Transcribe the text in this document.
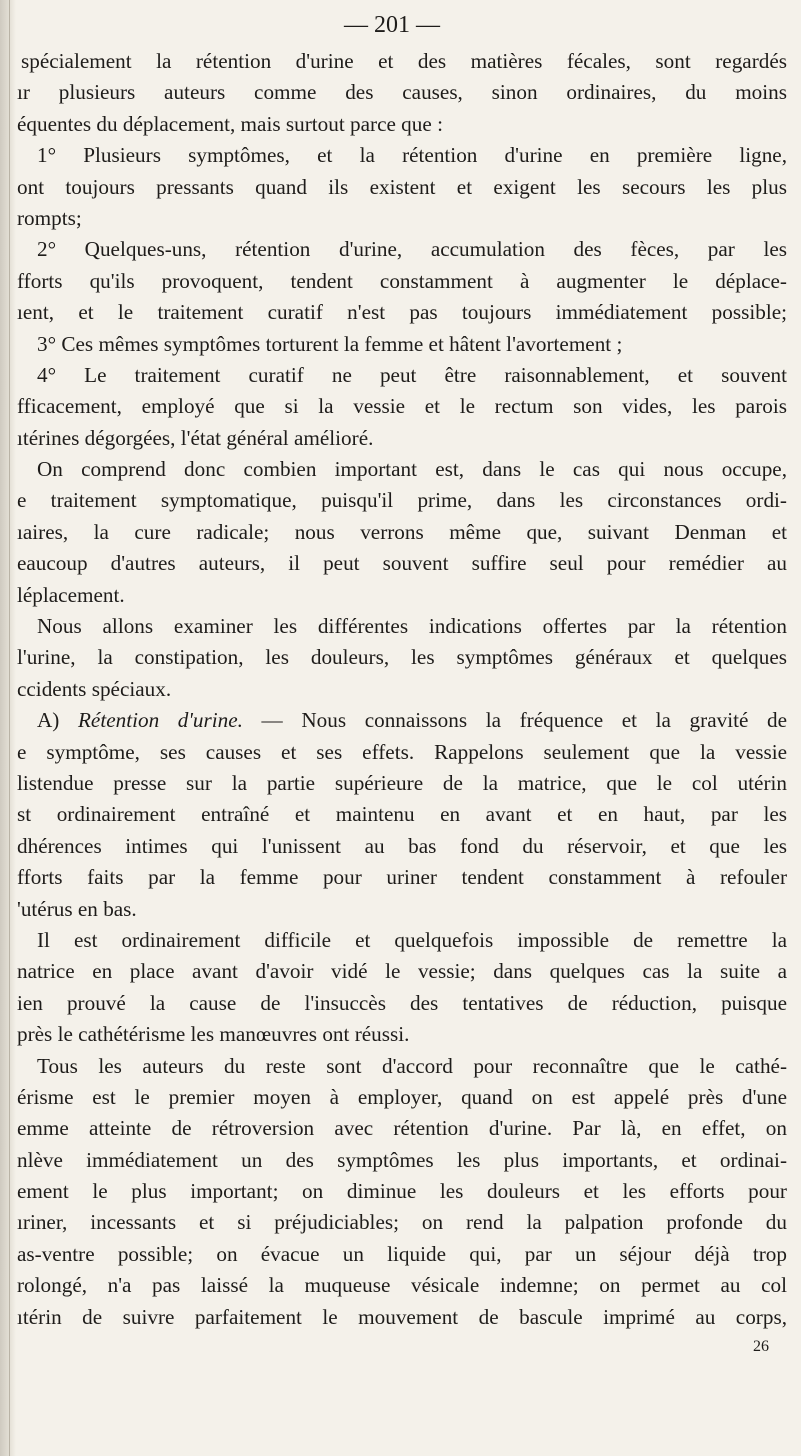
— 201 —
spécialement la rétention d'urine et des matières fécales, sont regardés
ır plusieurs auteurs comme des causes, sinon ordinaires, du moins
équentes du déplacement, mais surtout parce que :
1° Plusieurs symptômes, et la rétention d'urine en première ligne,
ont toujours pressants quand ils existent et exigent les secours les plus
rompts;
2° Quelques-uns, rétention d'urine, accumulation des fèces, par les
fforts qu'ils provoquent, tendent constamment à augmenter le déplace-
ıent, et le traitement curatif n'est pas toujours immédiatement possible;
3° Ces mêmes symptômes torturent la femme et hâtent l'avortement ;
4° Le traitement curatif ne peut être raisonnablement, et souvent
fficacement, employé que si la vessie et le rectum son vides, les parois
ıtérines dégorgées, l'état général amélioré.
On comprend donc combien important est, dans le cas qui nous occupe,
e traitement symptomatique, puisqu'il prime, dans les circonstances ordi-
ıaires, la cure radicale; nous verrons même que, suivant Denman et
eaucoup d'autres auteurs, il peut souvent suffire seul pour remédier au
léplacement.
Nous allons examiner les différentes indications offertes par la rétention
l'urine, la constipation, les douleurs, les symptômes généraux et quelques
ccidents spéciaux.
A) Rétention d'urine. — Nous connaissons la fréquence et la gravité de
e symptôme, ses causes et ses effets. Rappelons seulement que la vessie
listendue presse sur la partie supérieure de la matrice, que le col utérin
st ordinairement entraîné et maintenu en avant et en haut, par les
dhérences intimes qui l'unissent au bas fond du réservoir, et que les
fforts faits par la femme pour uriner tendent constamment à refouler
'utérus en bas.
Il est ordinairement difficile et quelquefois impossible de remettre la
natrice en place avant d'avoir vidé le vessie; dans quelques cas la suite a
ien prouvé la cause de l'insuccès des tentatives de réduction, puisque
près le cathétérisme les manœuvres ont réussi.
Tous les auteurs du reste sont d'accord pour reconnaître que le cathé-
érisme est le premier moyen à employer, quand on est appelé près d'une
emme atteinte de rétroversion avec rétention d'urine. Par là, en effet, on
nlève immédiatement un des symptômes les plus importants, et ordinai-
ement le plus important; on diminue les douleurs et les efforts pour
ıriner, incessants et si préjudiciables; on rend la palpation profonde du
as-ventre possible; on évacue un liquide qui, par un séjour déjà trop
rolongé, n'a pas laissé la muqueuse vésicale indemne; on permet au col
ıtérin de suivre parfaitement le mouvement de bascule imprimé au corps,
26
